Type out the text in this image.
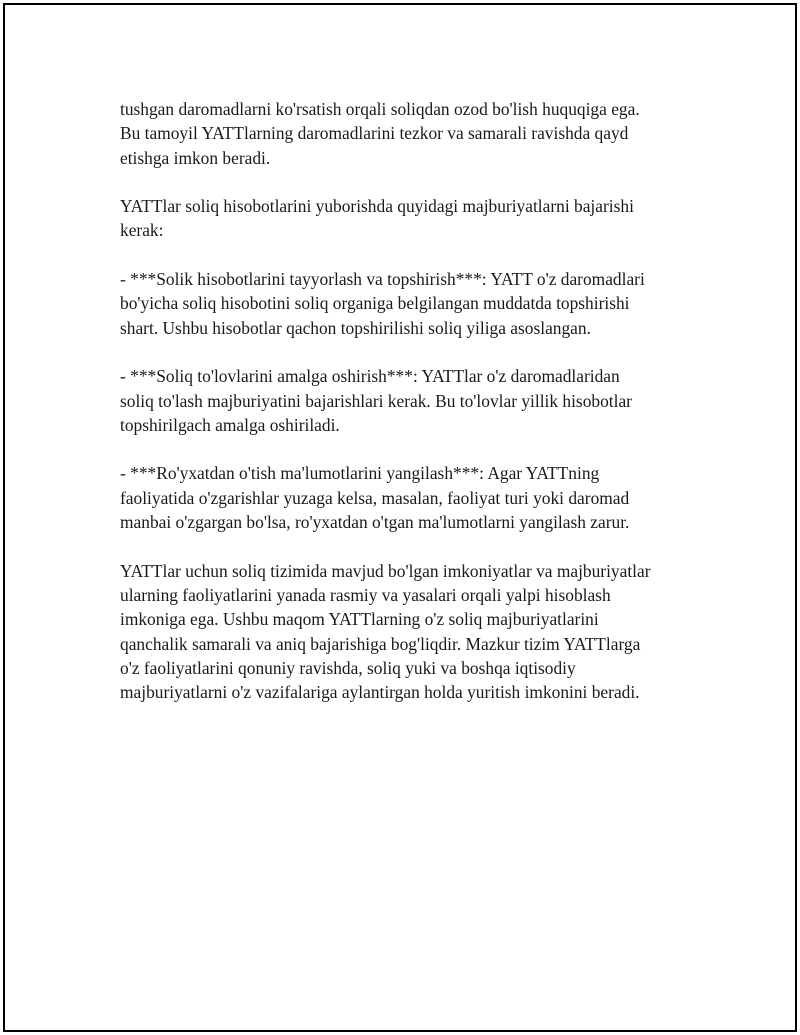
tushgan daromadlarni ko'rsatish orqali soliqdan ozod bo'lish huquqiga ega.
Bu tamoyil YATTlarning daromadlarini tezkor va samarali ravishda qayd
etishga imkon beradi.

YATTlar soliq hisobotlarini yuborishda quyidagi majburiyatlarni bajarishi
kerak:

- ***Solik hisobotlarini tayyorlash va topshirish***: YATT o'z daromadlari
bo'yicha soliq hisobotini soliq organiga belgilangan muddatda topshirishi
shart. Ushbu hisobotlar qachon topshirilishi soliq yiliga asoslangan.

- ***Soliq to'lovlarini amalga oshirish***: YATTlar o'z daromadlaridan
soliq to'lash majburiyatini bajarishlari kerak. Bu to'lovlar yillik hisobotlar
topshirilgach amalga oshiriladi.

- ***Ro'yxatdan o'tish ma'lumotlarini yangilash***: Agar YATTning
faoliyatida o'zgarishlar yuzaga kelsa, masalan, faoliyat turi yoki daromad
manbai o'zgargan bo'lsa, ro'yxatdan o'tgan ma'lumotlarni yangilash zarur.

YATTlar uchun soliq tizimida mavjud bo'lgan imkoniyatlar va majburiyatlar
ularning faoliyatlarini yanada rasmiy va yasalari orqali yalpi hisoblash
imkoniga ega. Ushbu maqom YATTlarning o'z soliq majburiyatlarini
qanchalik samarali va aniq bajarishiga bog'liqdir. Mazkur tizim YATTlarga
o'z faoliyatlarini qonuniy ravishda, soliq yuki va boshqa iqtisodiy
majburiyatlarni o'z vazifalariga aylantirgan holda yuritish imkonini beradi.
